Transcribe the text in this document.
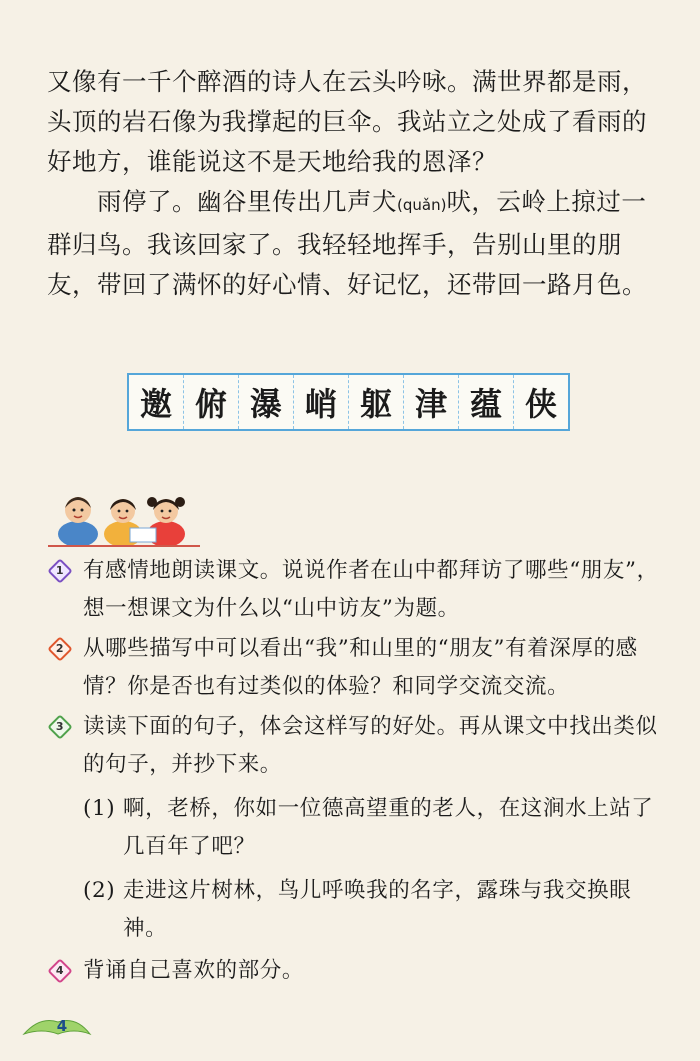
又像有一千个醉酒的诗人在云头吟咏。满世界都是雨，头顶的岩石像为我撑起的巨伞。我站立之处成了看雨的好地方，谁能说这不是天地给我的恩泽？

雨停了。幽谷里传出几声犬(quǎn)吠，云岭上掠过一群归鸟。我该回家了。我轻轻地挥手，告别山里的朋友，带回了满怀的好心情、好记忆，还带回一路月色。

邀 俯 瀑 峭 躯 津 蕴 侠
1 有感情地朗读课文。说说作者在山中都拜访了哪些“朋友”，想一想课文为什么以“山中访友”为题。
2 从哪些描写中可以看出“我”和山里的“朋友”有着深厚的感情？你是否也有过类似的体验？和同学交流交流。
3 读读下面的句子，体会这样写的好处。再从课文中找出类似的句子，并抄下来。
(1) 啊，老桥，你如一位德高望重的老人，在这涧水上站了几百年了吧？
(2) 走进这片树林，鸟儿呼唤我的名字，露珠与我交换眼神。
4 背诵自己喜欢的部分。
4
